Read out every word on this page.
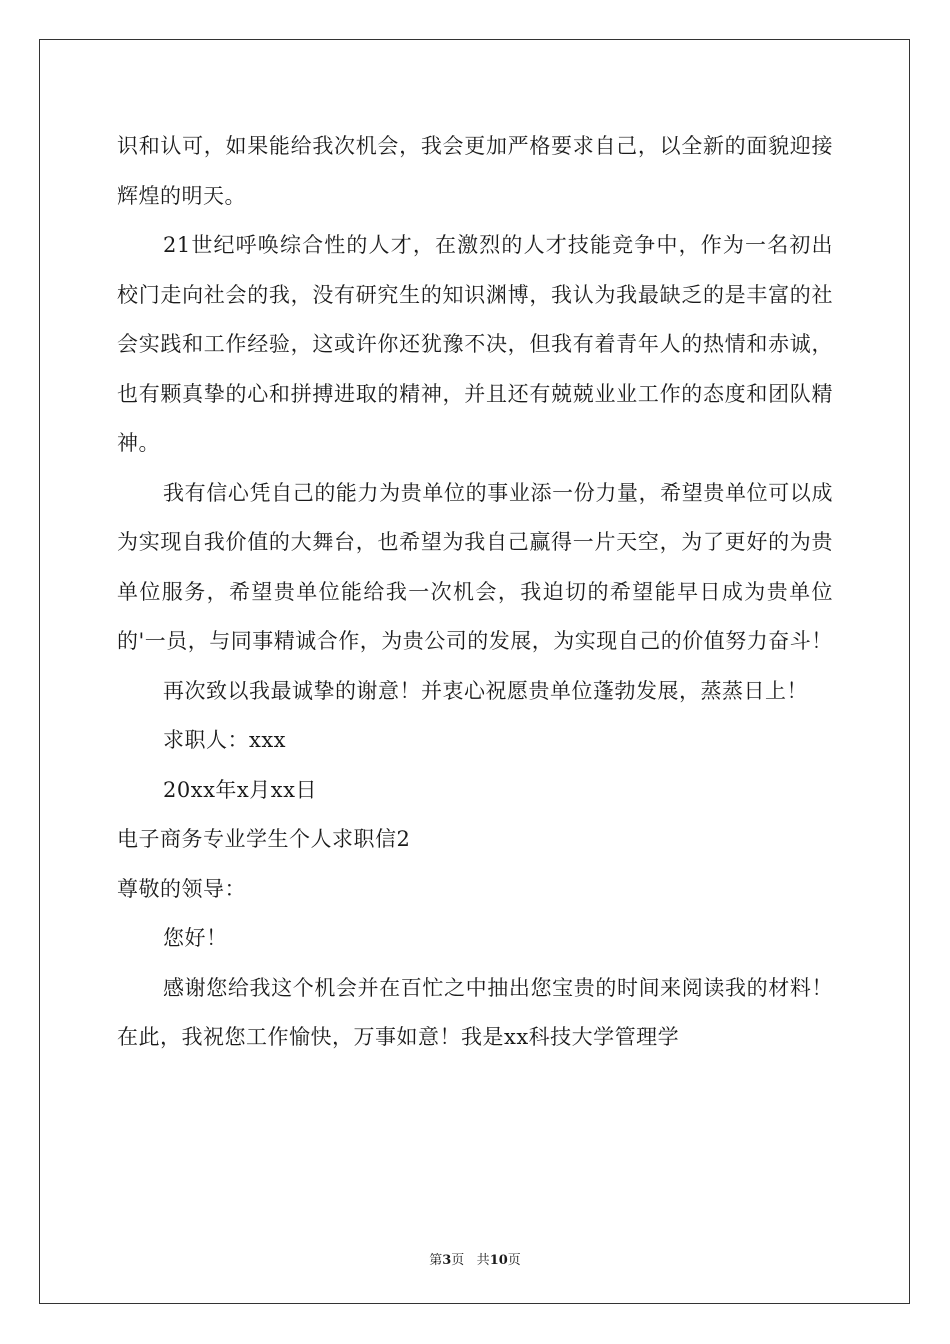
识和认可，如果能给我次机会，我会更加严格要求自己，以全新的面貌迎接辉煌的明天。

21世纪呼唤综合性的人才，在激烈的人才技能竞争中，作为一名初出校门走向社会的我，没有研究生的知识渊博，我认为我最缺乏的是丰富的社会实践和工作经验，这或许你还犹豫不决，但我有着青年人的热情和赤诚，也有颗真挚的心和拼搏进取的精神，并且还有兢兢业业工作的态度和团队精神。

我有信心凭自己的能力为贵单位的事业添一份力量，希望贵单位可以成为实现自我价值的大舞台，也希望为我自己赢得一片天空，为了更好的为贵单位服务，希望贵单位能给我一次机会，我迫切的希望能早日成为贵单位的'一员，与同事精诚合作，为贵公司的发展，为实现自己的价值努力奋斗！

再次致以我最诚挚的谢意！并衷心祝愿贵单位蓬勃发展，蒸蒸日上！

求职人：xxx

20xx年x月xx日

电子商务专业学生个人求职信2

尊敬的领导：

您好！

感谢您给我这个机会并在百忙之中抽出您宝贵的时间来阅读我的材料！在此，我祝您工作愉快，万事如意！我是xx科技大学管理学

第3页 共10页
